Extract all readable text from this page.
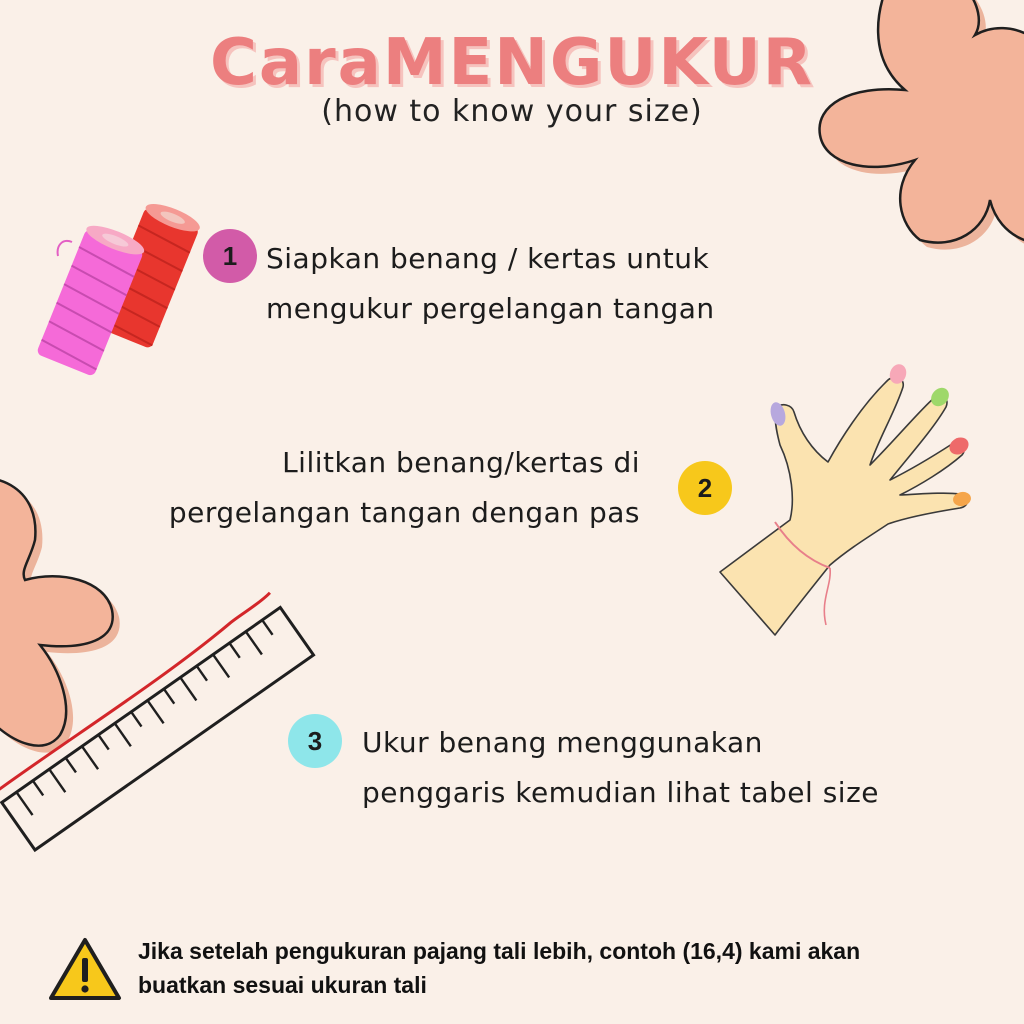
CaraMENGUKUR
(how to know your size)
1	Siapkan benang / kertas untuk
mengukur pergelangan tangan
Lilitkan benang/kertas di
pergelangan tangan dengan pas
2
3	Ukur benang menggunakan
penggaris kemudian lihat tabel size
Jika setelah pengukuran pajang tali lebih, contoh (16,4) kami akan
buatkan sesuai ukuran tali
